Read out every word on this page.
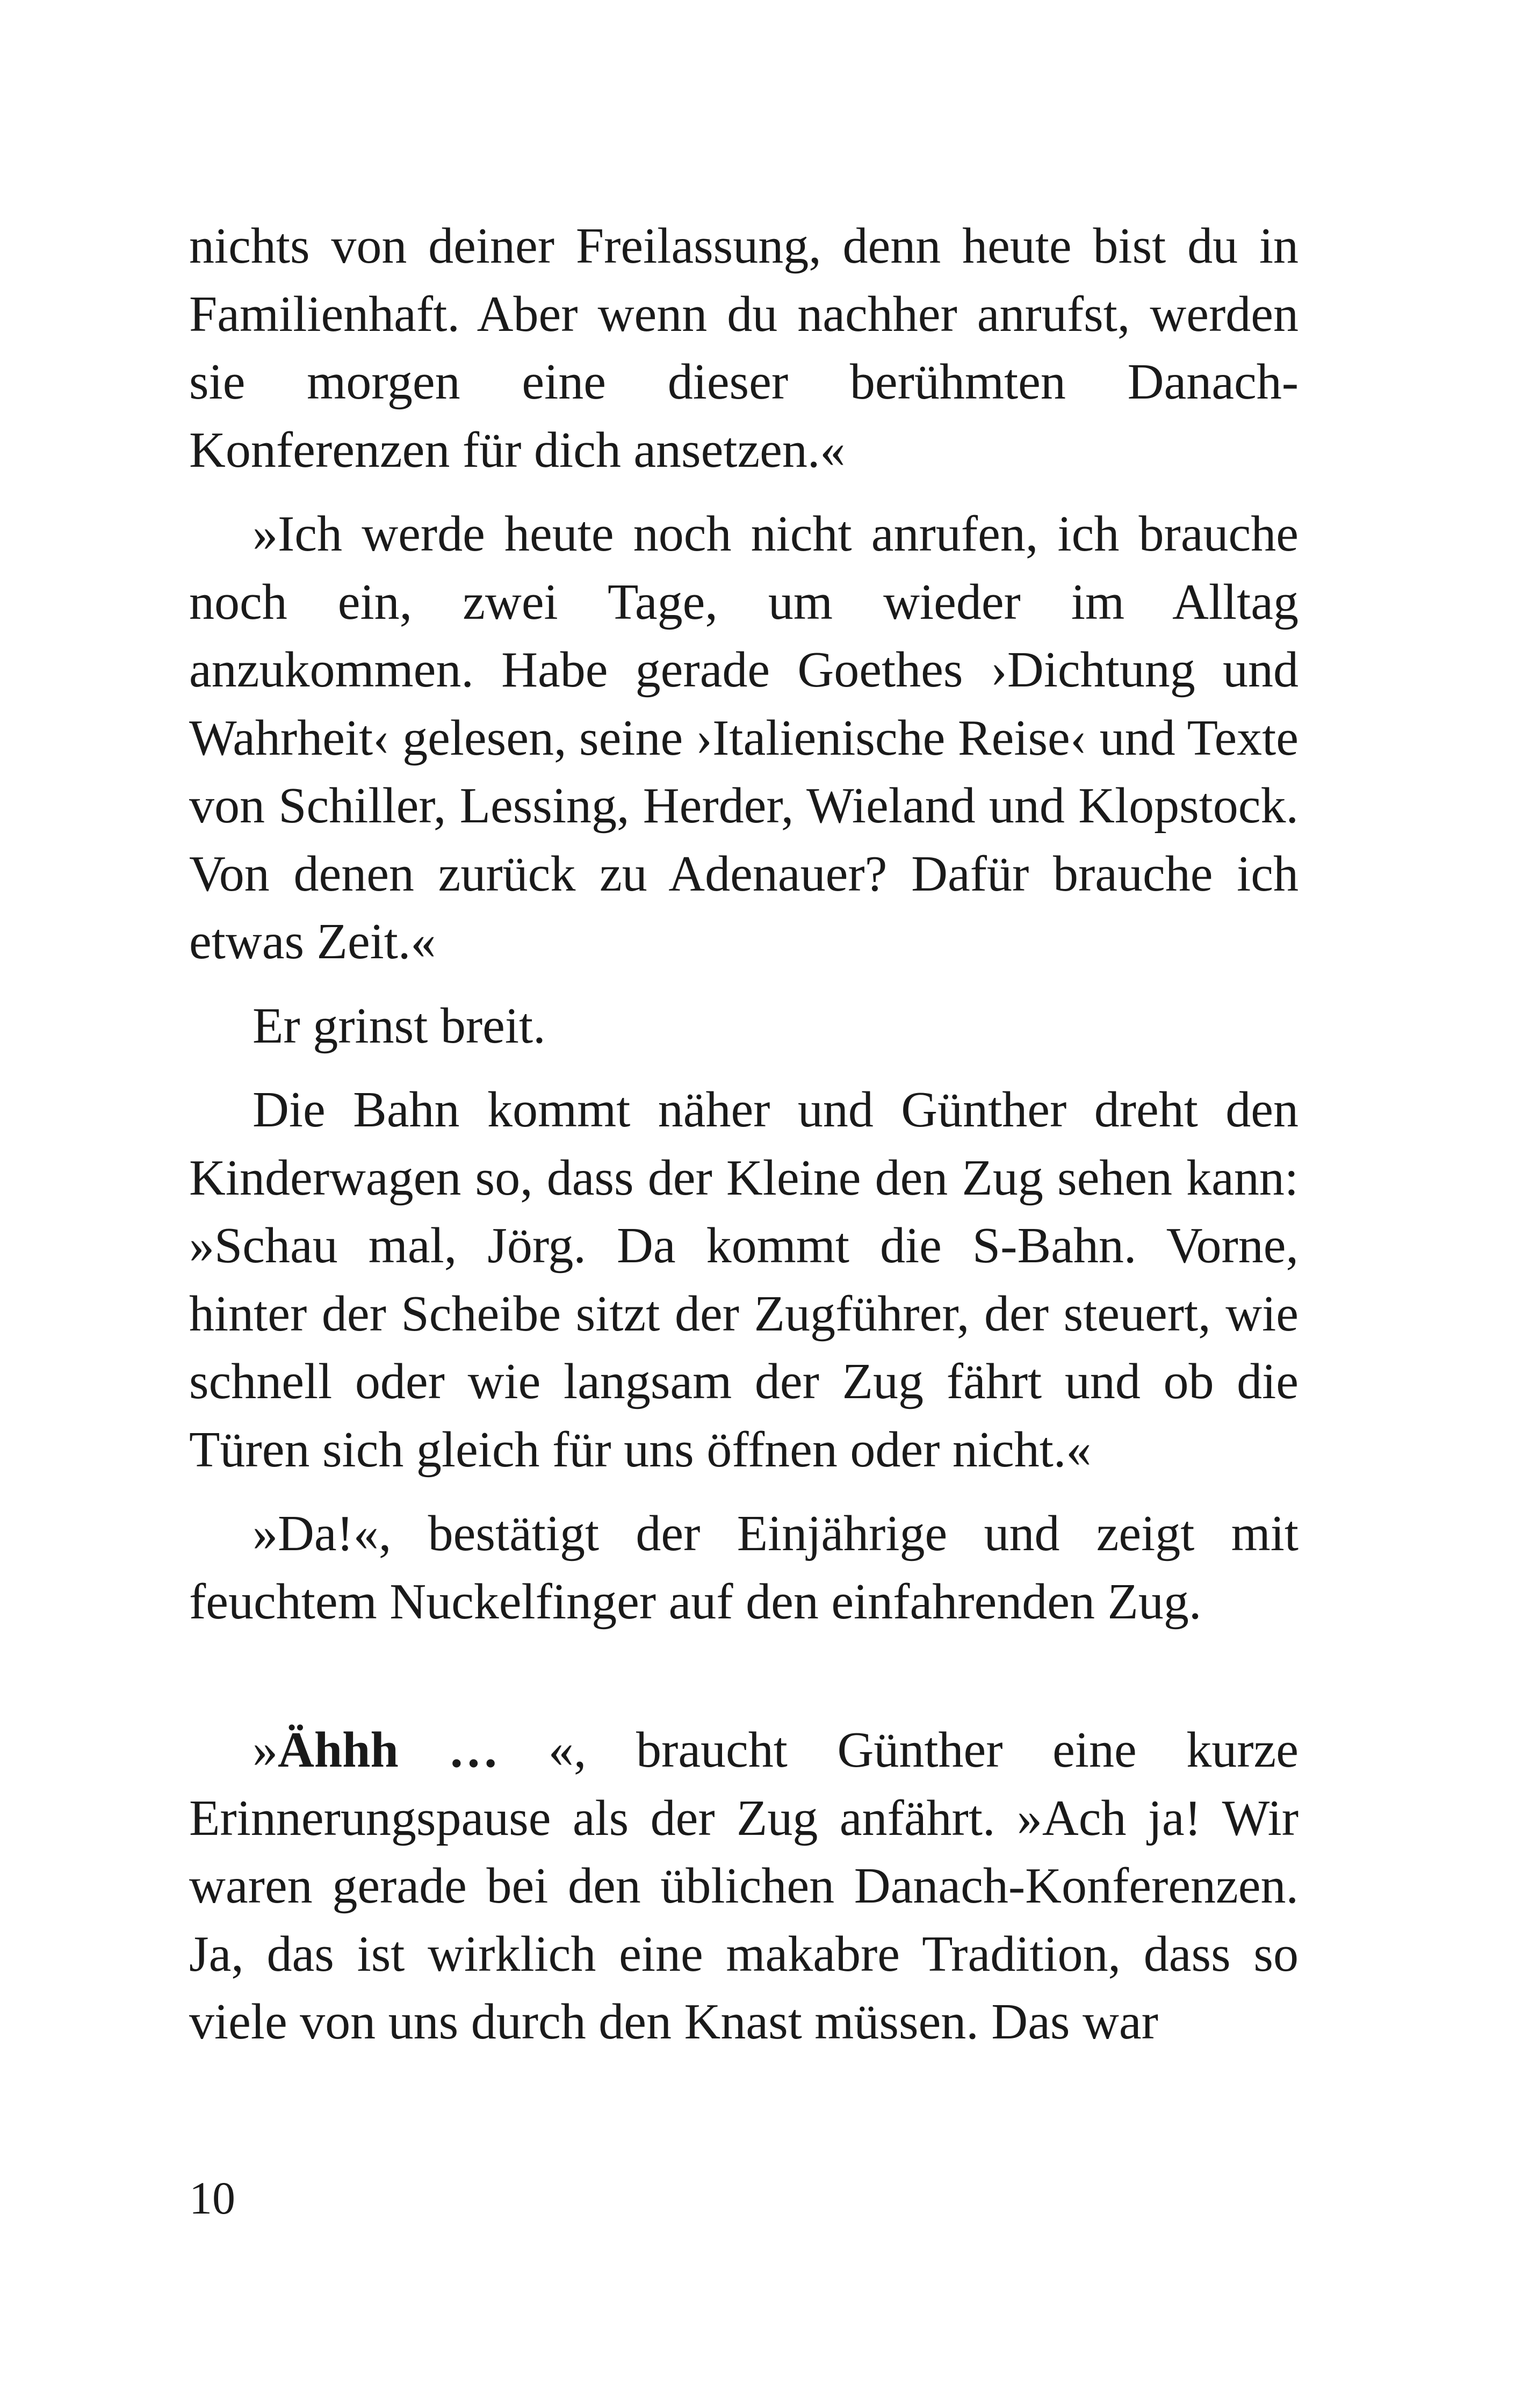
nichts von deiner Freilassung, denn heute bist du in Familienhaft. Aber wenn du nachher anrufst, werden sie morgen eine dieser berühmten Danach-Konferenzen für dich ansetzen.«

»Ich werde heute noch nicht anrufen, ich brauche noch ein, zwei Tage, um wieder im Alltag anzukommen. Habe gerade Goethes ›Dichtung und Wahrheit‹ gelesen, seine ›Italienische Reise‹ und Texte von Schiller, Lessing, Herder, Wieland und Klopstock. Von denen zurück zu Adenauer? Dafür brauche ich etwas Zeit.«

Er grinst breit.

Die Bahn kommt näher und Günther dreht den Kinderwagen so, dass der Kleine den Zug sehen kann: »Schau mal, Jörg. Da kommt die S-Bahn. Vorne, hinter der Scheibe sitzt der Zugführer, der steuert, wie schnell oder wie langsam der Zug fährt und ob die Türen sich gleich für uns öffnen oder nicht.«

»Da!«, bestätigt der Einjährige und zeigt mit feuchtem Nuckelfinger auf den einfahrenden Zug.

»Ähhh … «, braucht Günther eine kurze Erinnerungspause als der Zug anfährt. »Ach ja! Wir waren gerade bei den üblichen Danach-Konferenzen. Ja, das ist wirklich eine makabre Tradition, dass so viele von uns durch den Knast müssen. Das war

10
